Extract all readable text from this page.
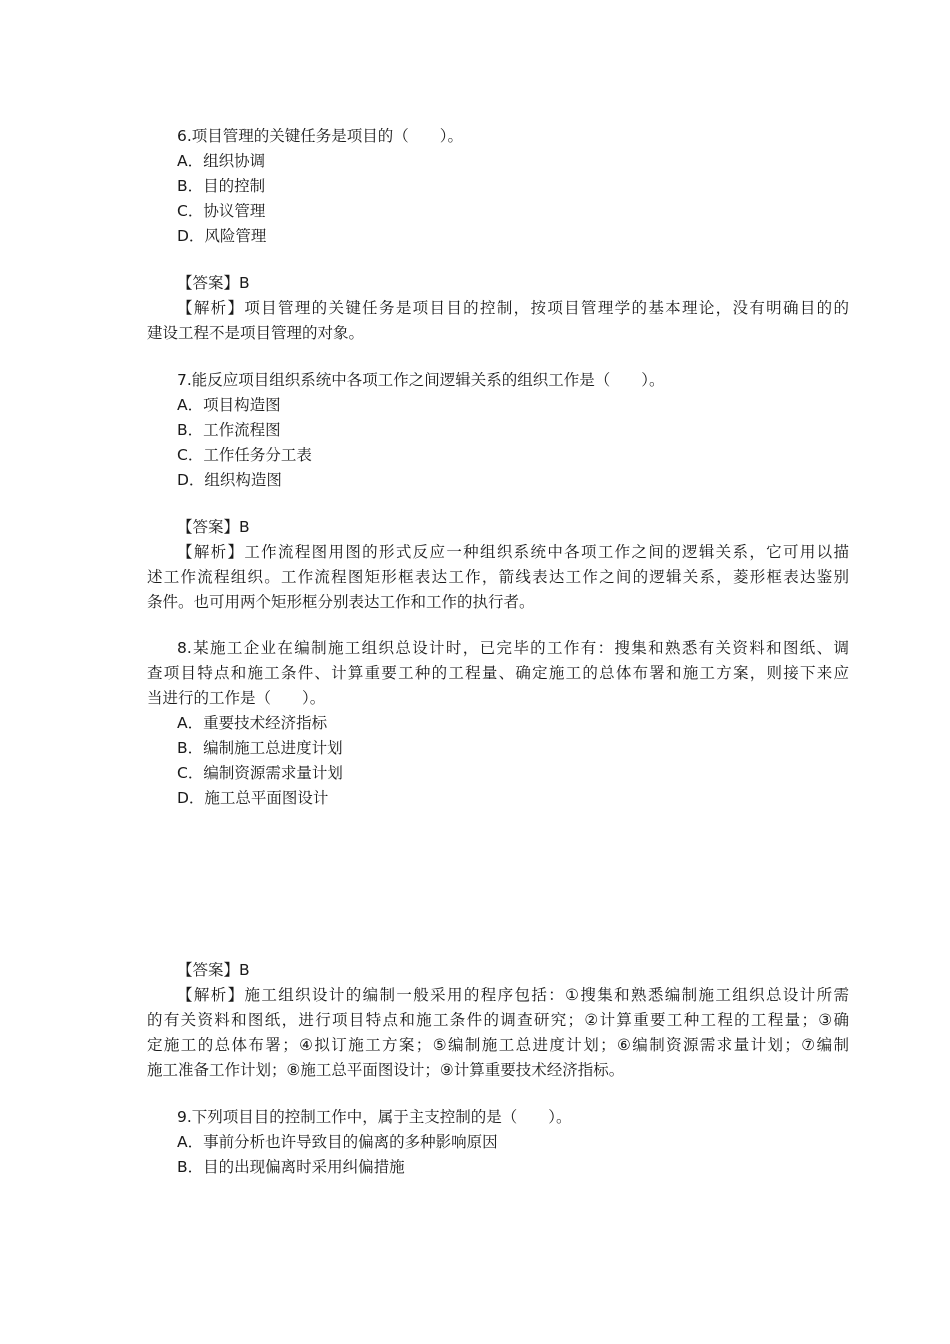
6.项目管理的关键任务是项目的（　　）。
A．组织协调
B．目的控制
C．协议管理
D．风险管理
【答案】B
【解析】项目管理的关键任务是项目目的控制，按项目管理学的基本理论，没有明确目的的
建设工程不是项目管理的对象。
7.能反应项目组织系统中各项工作之间逻辑关系的组织工作是（　　）。
A．项目构造图
B．工作流程图
C．工作任务分工表
D．组织构造图
【答案】B
【解析】工作流程图用图的形式反应一种组织系统中各项工作之间的逻辑关系，它可用以描
述工作流程组织。工作流程图矩形框表达工作，箭线表达工作之间的逻辑关系，菱形框表达鉴别
条件。也可用两个矩形框分别表达工作和工作的执行者。
8.某施工企业在编制施工组织总设计时，已完毕的工作有：搜集和熟悉有关资料和图纸、调
查项目特点和施工条件、计算重要工种的工程量、确定施工的总体布署和施工方案，则接下来应
当进行的工作是（　　）。
A．重要技术经济指标
B．编制施工总进度计划
C．编制资源需求量计划
D．施工总平面图设计
【答案】B
【解析】施工组织设计的编制一般采用的程序包括：①搜集和熟悉编制施工组织总设计所需
的有关资料和图纸，进行项目特点和施工条件的调查研究；②计算重要工种工程的工程量；③确
定施工的总体布署；④拟订施工方案；⑤编制施工总进度计划；⑥编制资源需求量计划；⑦编制
施工准备工作计划；⑧施工总平面图设计；⑨计算重要技术经济指标。
9.下列项目目的控制工作中，属于主支控制的是（　　）。
A．事前分析也许导致目的偏离的多种影响原因
B．目的出现偏离时采用纠偏措施
